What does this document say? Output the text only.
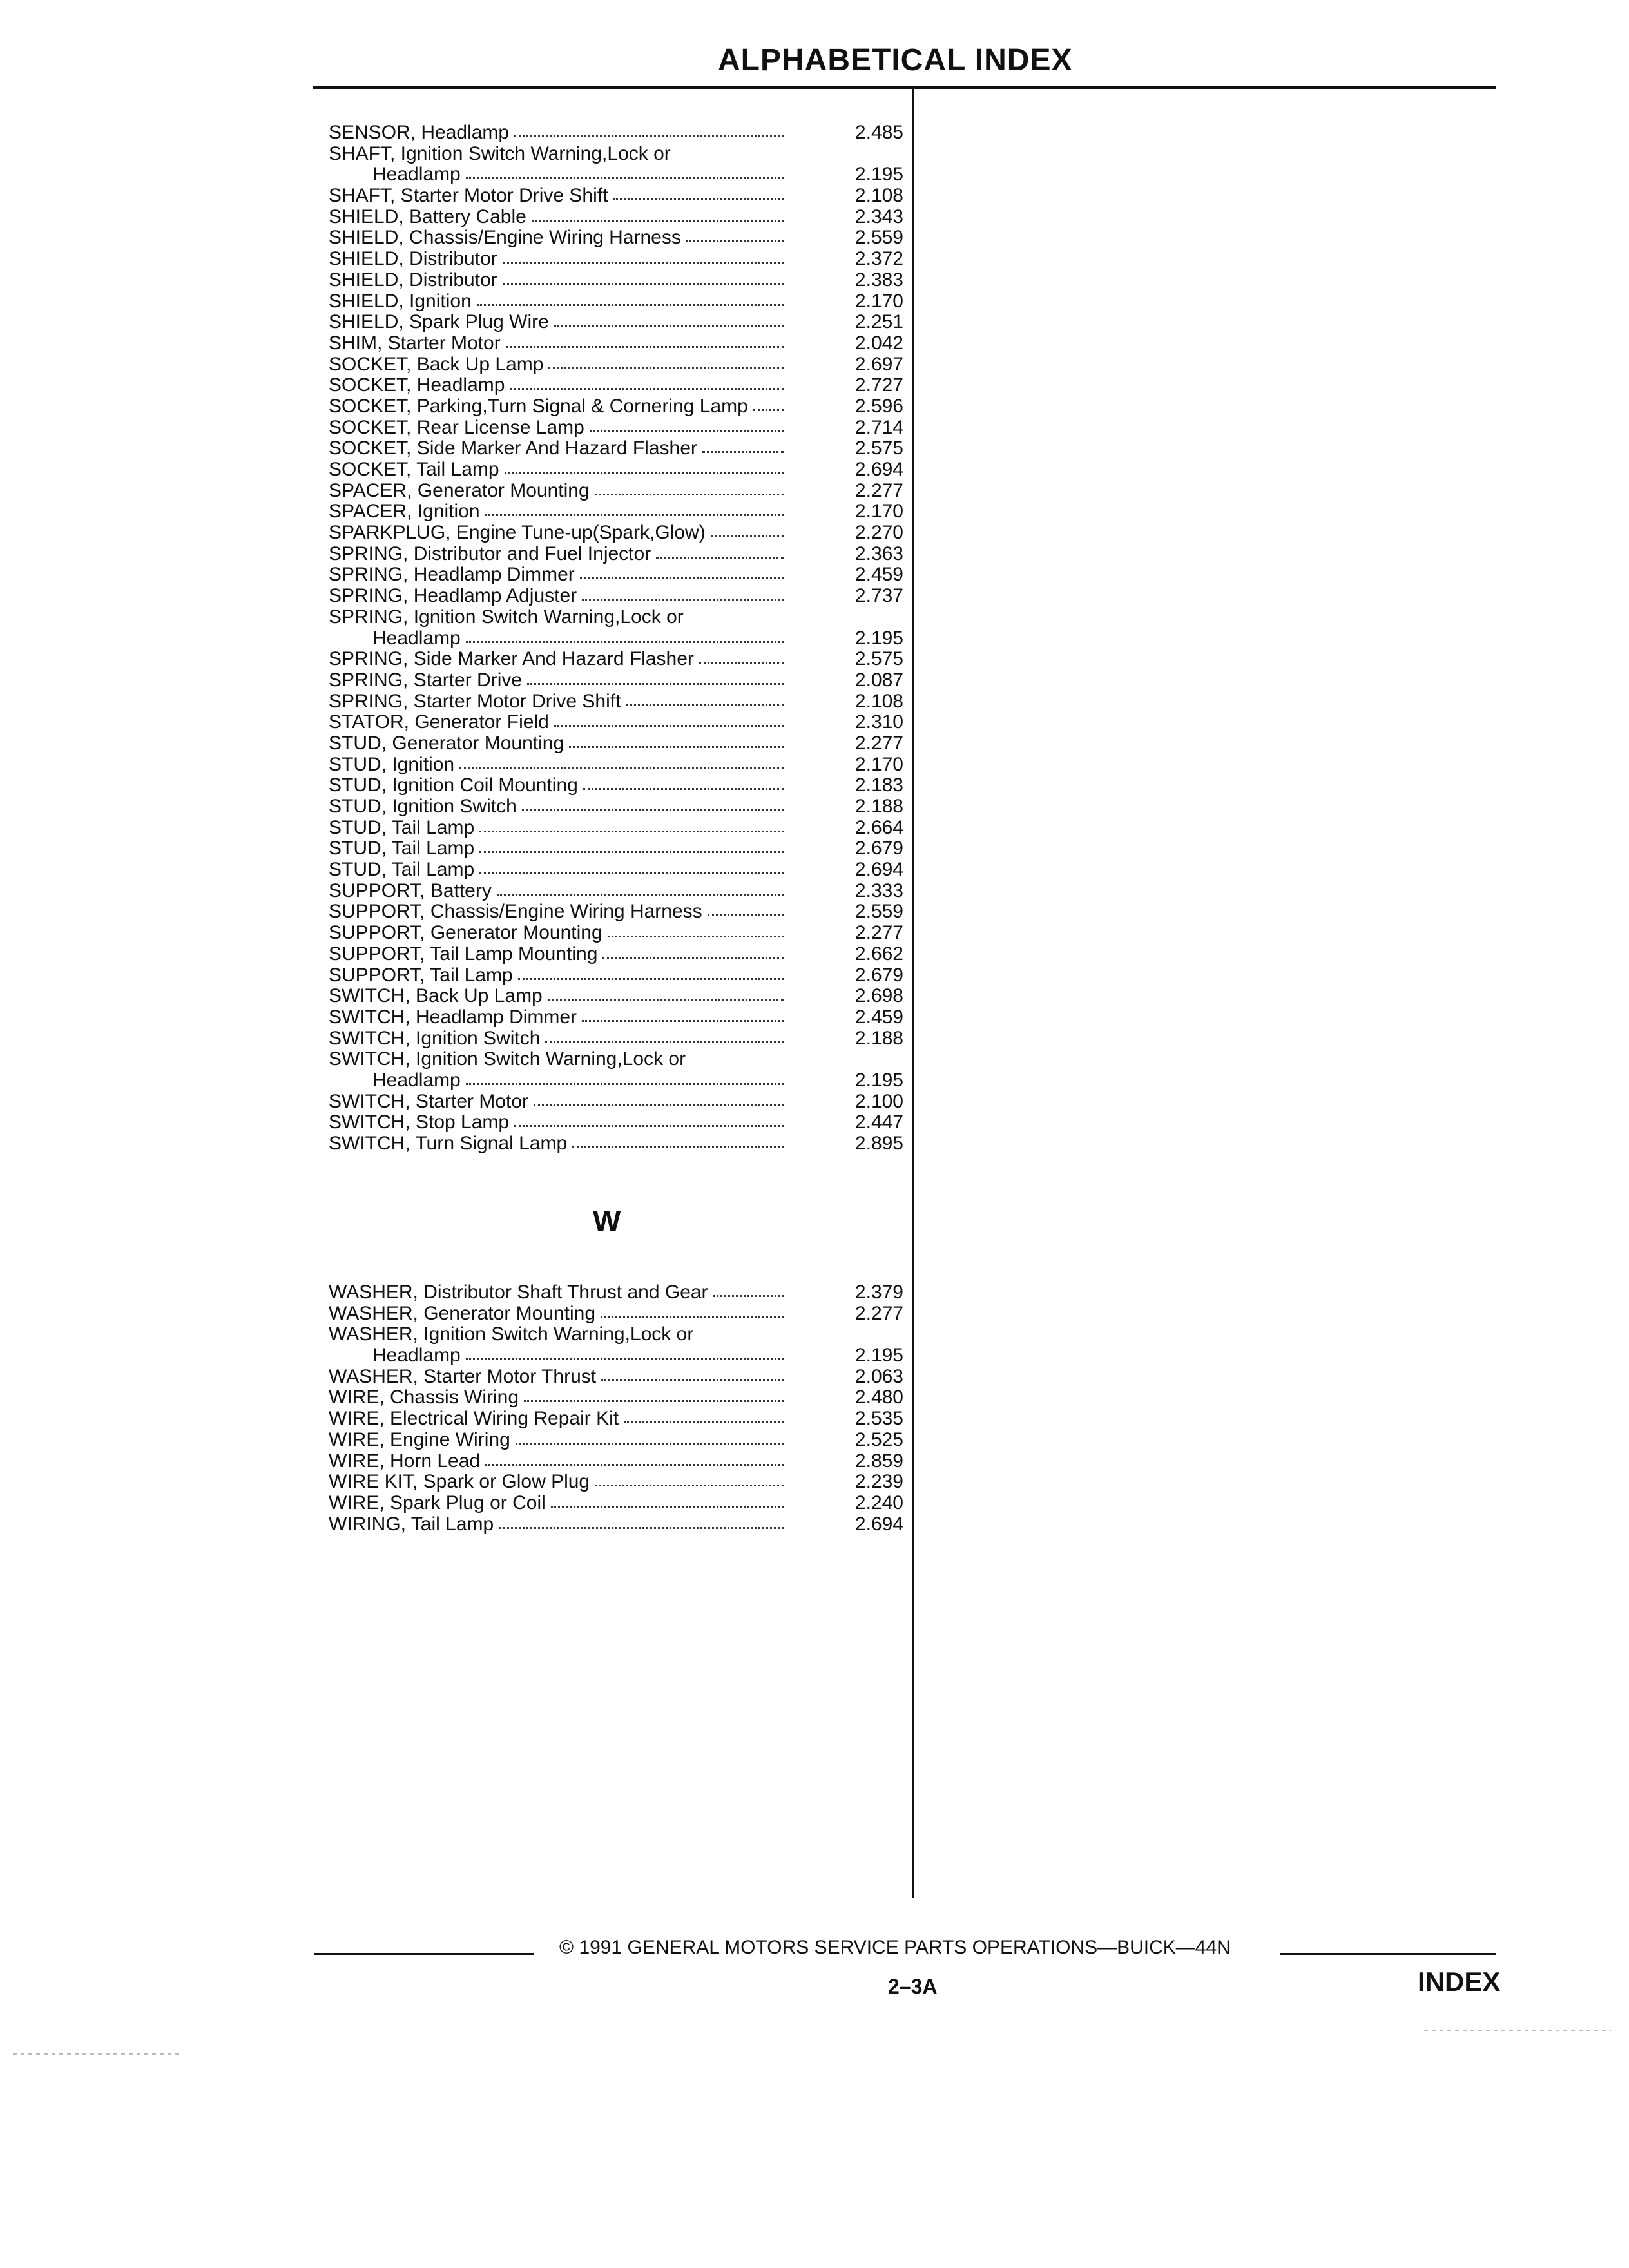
ALPHABETICAL INDEX
SENSOR, Headlamp	2.485
SHAFT, Ignition Switch Warning,Lock or
Headlamp	2.195
SHAFT, Starter Motor Drive Shift	2.108
SHIELD, Battery Cable	2.343
SHIELD, Chassis/Engine Wiring Harness	2.559
SHIELD, Distributor	2.372
SHIELD, Distributor	2.383
SHIELD, Ignition	2.170
SHIELD, Spark Plug Wire	2.251
SHIM, Starter Motor	2.042
SOCKET, Back Up Lamp	2.697
SOCKET, Headlamp	2.727
SOCKET, Parking,Turn Signal & Cornering Lamp	2.596
SOCKET, Rear License Lamp	2.714
SOCKET, Side Marker And Hazard Flasher	2.575
SOCKET, Tail Lamp	2.694
SPACER, Generator Mounting	2.277
SPACER, Ignition	2.170
SPARKPLUG, Engine Tune-up(Spark,Glow)	2.270
SPRING, Distributor and Fuel Injector	2.363
SPRING, Headlamp Dimmer	2.459
SPRING, Headlamp Adjuster	2.737
SPRING, Ignition Switch Warning,Lock or
Headlamp	2.195
SPRING, Side Marker And Hazard Flasher	2.575
SPRING, Starter Drive	2.087
SPRING, Starter Motor Drive Shift	2.108
STATOR, Generator Field	2.310
STUD, Generator Mounting	2.277
STUD, Ignition	2.170
STUD, Ignition Coil Mounting	2.183
STUD, Ignition Switch	2.188
STUD, Tail Lamp	2.664
STUD, Tail Lamp	2.679
STUD, Tail Lamp	2.694
SUPPORT, Battery	2.333
SUPPORT, Chassis/Engine Wiring Harness	2.559
SUPPORT, Generator Mounting	2.277
SUPPORT, Tail Lamp Mounting	2.662
SUPPORT, Tail Lamp	2.679
SWITCH, Back Up Lamp	2.698
SWITCH, Headlamp Dimmer	2.459
SWITCH, Ignition Switch	2.188
SWITCH, Ignition Switch Warning,Lock or
Headlamp	2.195
SWITCH, Starter Motor	2.100
SWITCH, Stop Lamp	2.447
SWITCH, Turn Signal Lamp	2.895
W
WASHER, Distributor Shaft Thrust and Gear	2.379
WASHER, Generator Mounting	2.277
WASHER, Ignition Switch Warning,Lock or
Headlamp	2.195
WASHER, Starter Motor Thrust	2.063
WIRE, Chassis Wiring	2.480
WIRE, Electrical Wiring Repair Kit	2.535
WIRE, Engine Wiring	2.525
WIRE, Horn Lead	2.859
WIRE KIT, Spark or Glow Plug	2.239
WIRE, Spark Plug or Coil	2.240
WIRING, Tail Lamp	2.694
© 1991 GENERAL MOTORS SERVICE PARTS OPERATIONS—BUICK—44N
2–3A	INDEX
